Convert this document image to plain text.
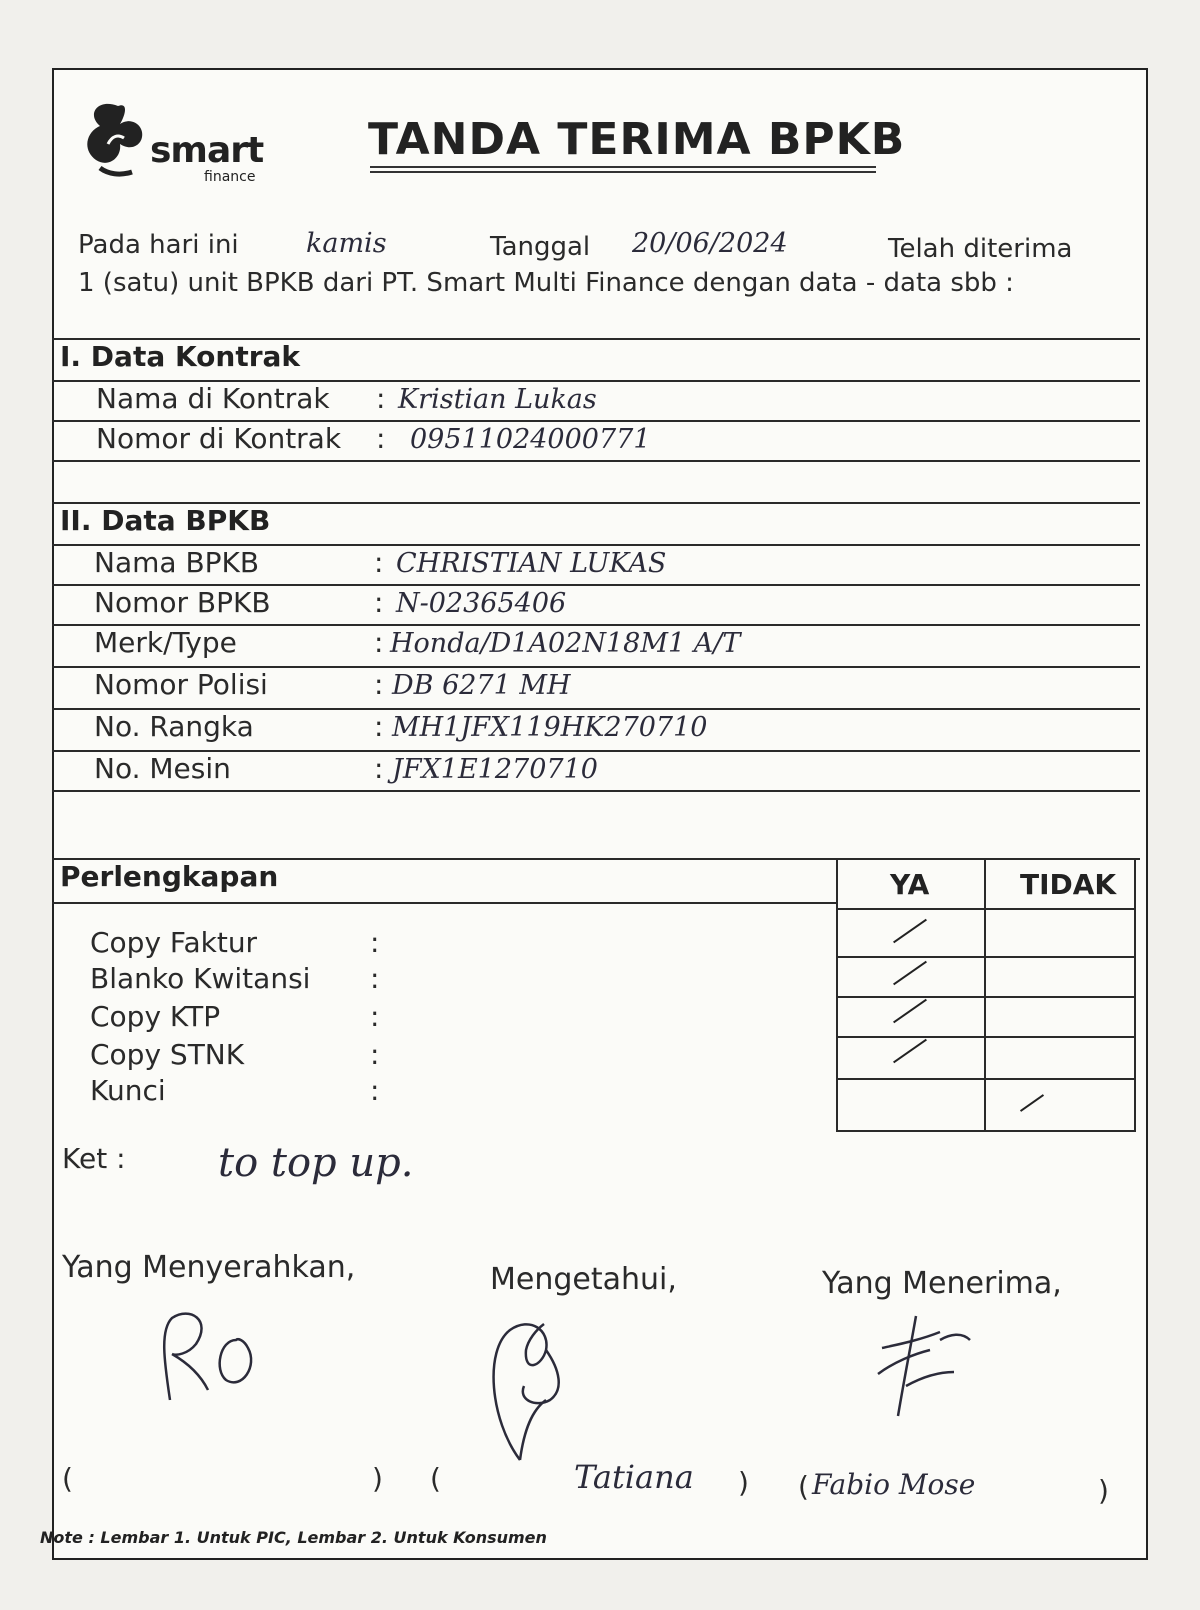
smart
finance
TANDA TERIMA BPKB
Pada hari ini kamis	Tanggal 20/06/2024	Telah diterima
1 (satu) unit BPKB dari PT. Smart Multi Finance dengan data - data sbb :
I. Data Kontrak
Nama di Kontrak : Kristian Lukas
Nomor di Kontrak : 09511024000771
II. Data BPKB
Nama BPKB	: CHRISTIAN LUKAS
Nomor BPKB	: N-02365406
Merk/Type	: Honda/D1A02N18M1 A/T
Nomor Polisi	: DB 6271 MH
No. Rangka	: MH1JFX119HK270710
No. Mesin	: JFX1E1270710
Perlengkapan	YA	TIDAK
Copy Faktur	:
Blanko Kwitansi :
Copy KTP	:
Copy STNK	:
Kunci	:
Ket : to top up.
Yang Menyerahkan,	Mengetahui,	Yang Menerima,
(	) (	Tatiana ) ( Fabio Mose	)
Note : Lembar 1. Untuk PIC, Lembar 2. Untuk Konsumen
